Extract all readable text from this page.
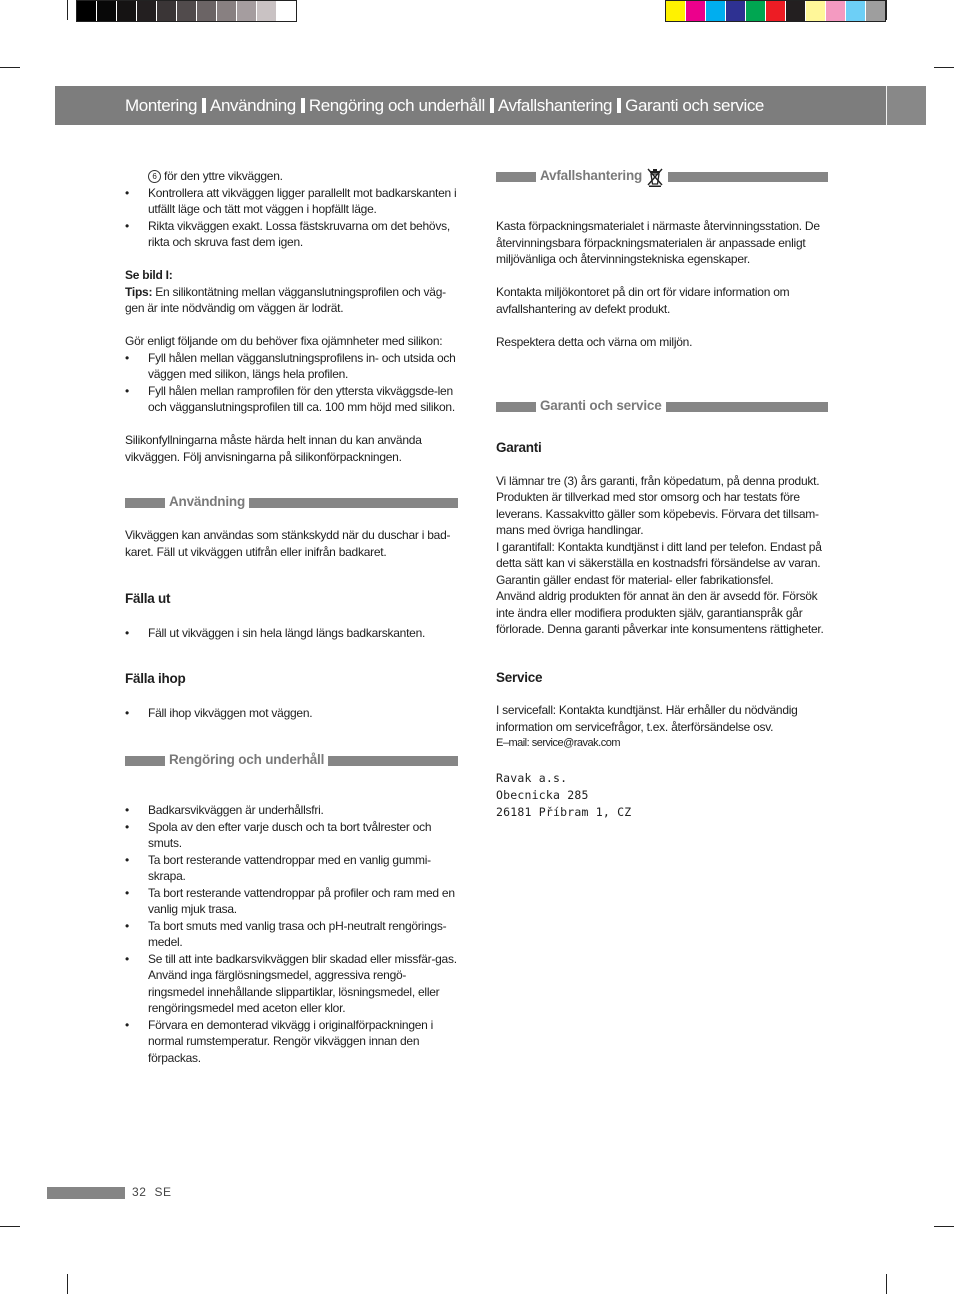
Montering Användning Rengöring och underhåll Avfallshantering Garanti och service

6 för den yttre vikväggen.

• Kontrollera att vikväggen ligger parallellt mot badkarskanten i utfällt läge och tätt mot väggen i hopfällt läge.
• Rikta vikväggen exakt. Lossa fästskruvarna om det behövs, rikta och skruva fast dem igen.

Se bild I:

Tips: En silikontätning mellan vägganslutningsprofilen och väg-gen är inte nödvändig om väggen är lodrät.

Gör enligt följande om du behöver fixa ojämnheter med silikon:

• Fyll hålen mellan vägganslutningsprofilens in- och utsida och väggen med silikon, längs hela profilen.
• Fyll hålen mellan ramprofilen för den yttersta vikväggsde-len och vägganslutningsprofilen till ca. 100 mm höjd med silikon.

Silikonfyllningarna måste härda helt innan du kan använda vikväggen. Följ anvisningarna på silikonförpackningen.

Användning

Vikväggen kan användas som stänkskydd när du duschar i bad-karet. Fäll ut vikväggen utifrån eller inifrån badkaret.

Fälla ut

• Fäll ut vikväggen i sin hela längd längs badkarskanten.

Fälla ihop

• Fäll ihop vikväggen mot väggen.
Rengöring och underhåll
• Badkarsvikväggen är underhållsfri.
• Spola av den efter varje dusch och ta bort tvålrester och smuts.
• Ta bort resterande vattendroppar med en vanlig gummi-skrapa.
• Ta bort resterande vattendroppar på profiler och ram med en vanlig mjuk trasa.
• Ta bort smuts med vanlig trasa och pH-neutralt rengörings-medel.
• Se till att inte badkarsvikväggen blir skadad eller missfär-gas. Använd inga färglösningsmedel, aggressiva rengö-ringsmedel innehållande slippartiklar, lösningsmedel, eller rengöringsmedel med aceton eller klor.
• Förvara en demonterad vikvägg i originalförpackningen i normal rumstemperatur. Rengör vikväggen innan den förpackas.
Avfallshantering

Kasta förpackningsmaterialet i närmaste återvinningsstation. De återvinningsbara förpackningsmaterialen är anpassade enligt miljövänliga och återvinningstekniska egenskaper.

Kontakta miljökontoret på din ort för vidare information om avfallshantering av defekt produkt.

Respektera detta och värna om miljön.

Garanti och service

Garanti

Vi lämnar tre (3) års garanti, från köpedatum, på denna produkt. Produkten är tillverkad med stor omsorg och har testats före leverans. Kassakvitto gäller som köpebevis. Förvara det tillsam-mans med övriga handlingar.

I garantifall: Kontakta kundtjänst i ditt land per telefon. Endast på detta sätt kan vi säkerställa en kostnadsfri försändelse av varan. Garantin gäller endast för material- eller fabrikationsfel.

Använd aldrig produkten för annat än den är avsedd för. Försök inte ändra eller modifiera produkten själv, garantianspråk går förlorade. Denna garanti påverkar inte konsumentens rättigheter.

Service

I servicefall: Kontakta kundtjänst. Här erhåller du nödvändig information om servicefrågor, t.ex. återförsändelse osv.

E–mail: service@ravak.com

Ravak a.s.
Obecnicka 285
26181 Příbram 1, CZ
32 SE
